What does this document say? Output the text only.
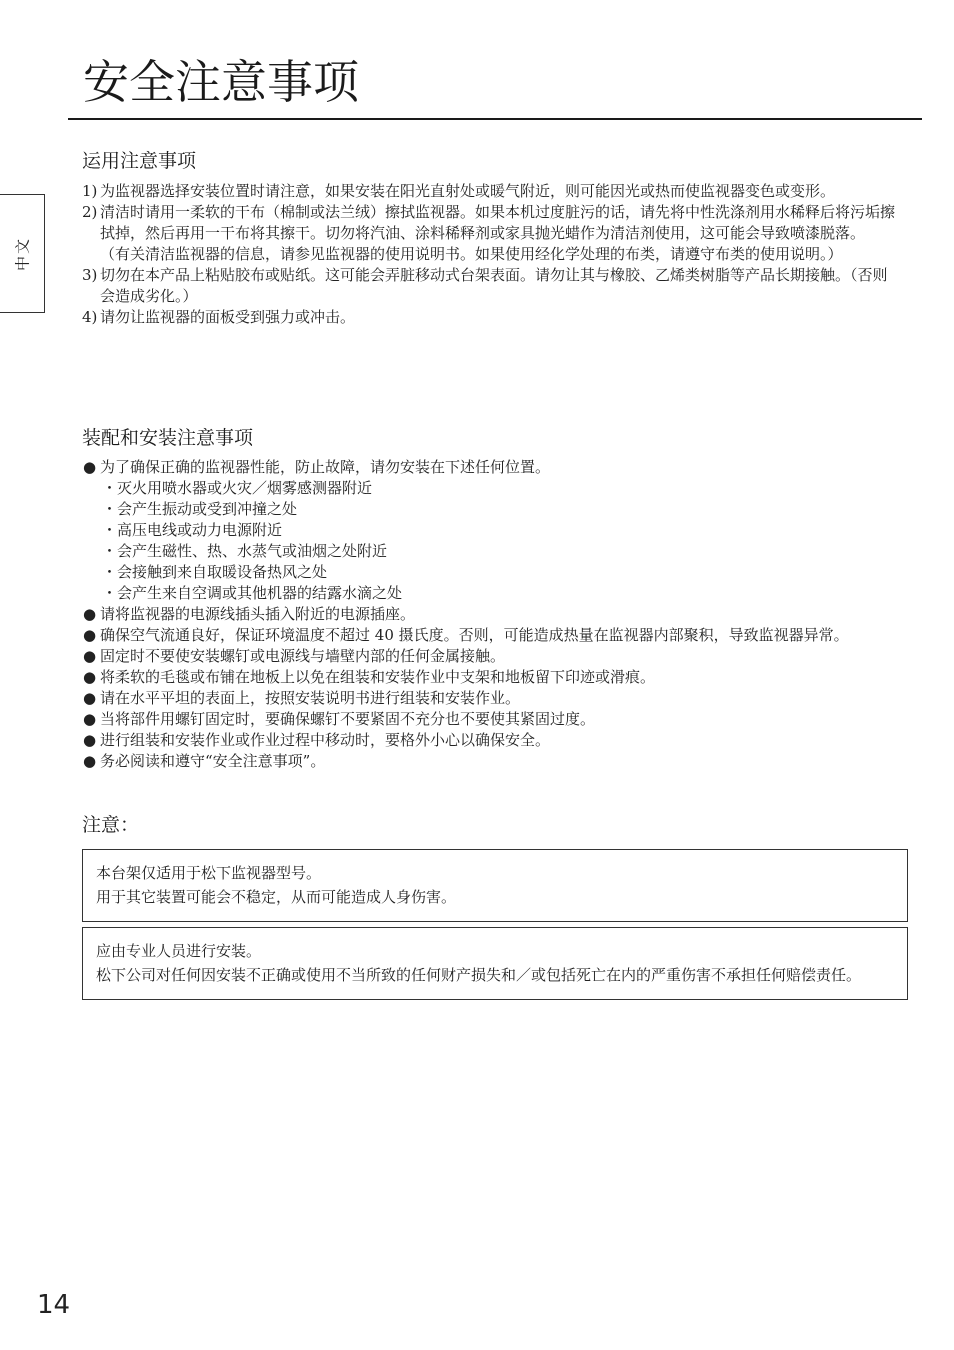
安全注意事项
中文
运用注意事项
1) 为监视器选择安装位置时请注意，如果安装在阳光直射处或暖气附近，则可能因光或热而使监视器变色或变形。
2) 清洁时请用一柔软的干布（棉制或法兰绒）擦拭监视器。如果本机过度脏污的话，请先将中性洗涤剂用水稀释后将污垢擦拭掉，然后再用一干布将其擦干。切勿将汽油、涂料稀释剂或家具抛光蜡作为清洁剂使用，这可能会导致喷漆脱落。
（有关清洁监视器的信息，请参见监视器的使用说明书。如果使用经化学处理的布类，请遵守布类的使用说明。）
3) 切勿在本产品上粘贴胶布或贴纸。这可能会弄脏移动式台架表面。请勿让其与橡胶、乙烯类树脂等产品长期接触。（否则会造成劣化。）
4) 请勿让监视器的面板受到强力或冲击。
装配和安装注意事项
● 为了确保正确的监视器性能，防止故障，请勿安装在下述任何位置。
・灭火用喷水器或火灾／烟雾感测器附近
・会产生振动或受到冲撞之处
・高压电线或动力电源附近
・会产生磁性、热、水蒸气或油烟之处附近
・会接触到来自取暖设备热风之处
・会产生来自空调或其他机器的结露水滴之处
● 请将监视器的电源线插头插入附近的电源插座。
● 确保空气流通良好，保证环境温度不超过 40 摄氏度。否则，可能造成热量在监视器内部聚积，导致监视器异常。
● 固定时不要使安装螺钉或电源线与墙壁内部的任何金属接触。
● 将柔软的毛毯或布铺在地板上以免在组装和安装作业中支架和地板留下印迹或滑痕。
● 请在水平平坦的表面上，按照安装说明书进行组装和安装作业。
● 当将部件用螺钉固定时，要确保螺钉不要紧固不充分也不要使其紧固过度。
● 进行组装和安装作业或作业过程中移动时，要格外小心以确保安全。
● 务必阅读和遵守“安全注意事项”。
注意：

本台架仅适用于松下监视器型号。

用于其它装置可能会不稳定，从而可能造成人身伤害。

应由专业人员进行安装。

松下公司对任何因安装不正确或使用不当所致的任何财产损失和／或包括死亡在内的严重伤害不承担任何赔偿责任。

14
